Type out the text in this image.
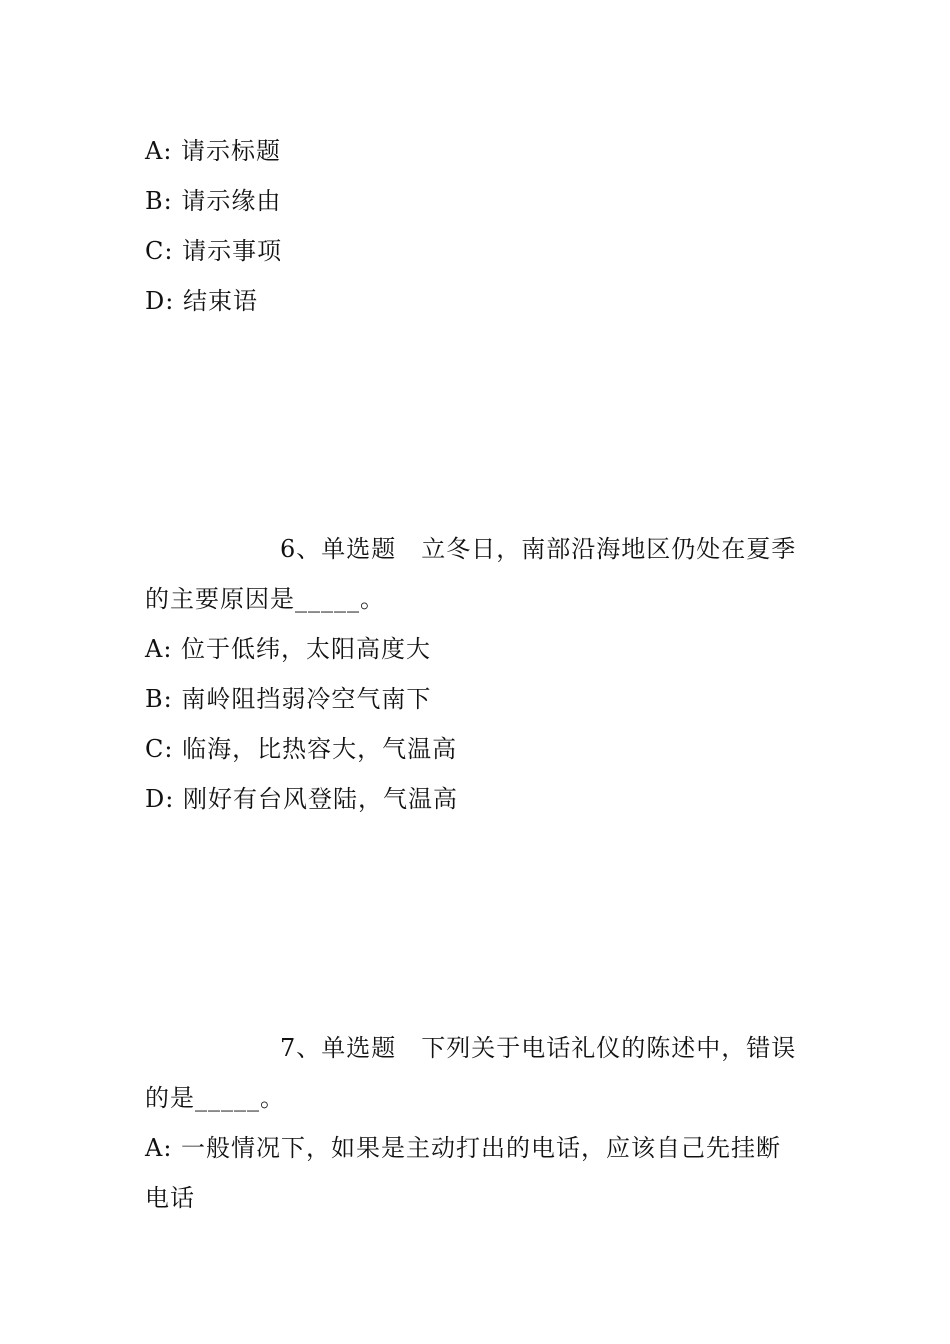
A: 请示标题
B: 请示缘由
C: 请示事项
D: 结束语
6、单选题　立冬日，南部沿海地区仍处在夏季
的主要原因是_____。
A: 位于低纬，太阳高度大
B: 南岭阻挡弱冷空气南下
C: 临海，比热容大，气温高
D: 刚好有台风登陆，气温高
7、单选题　下列关于电话礼仪的陈述中，错误
的是_____。
A: 一般情况下，如果是主动打出的电话，应该自己先挂断
电话
